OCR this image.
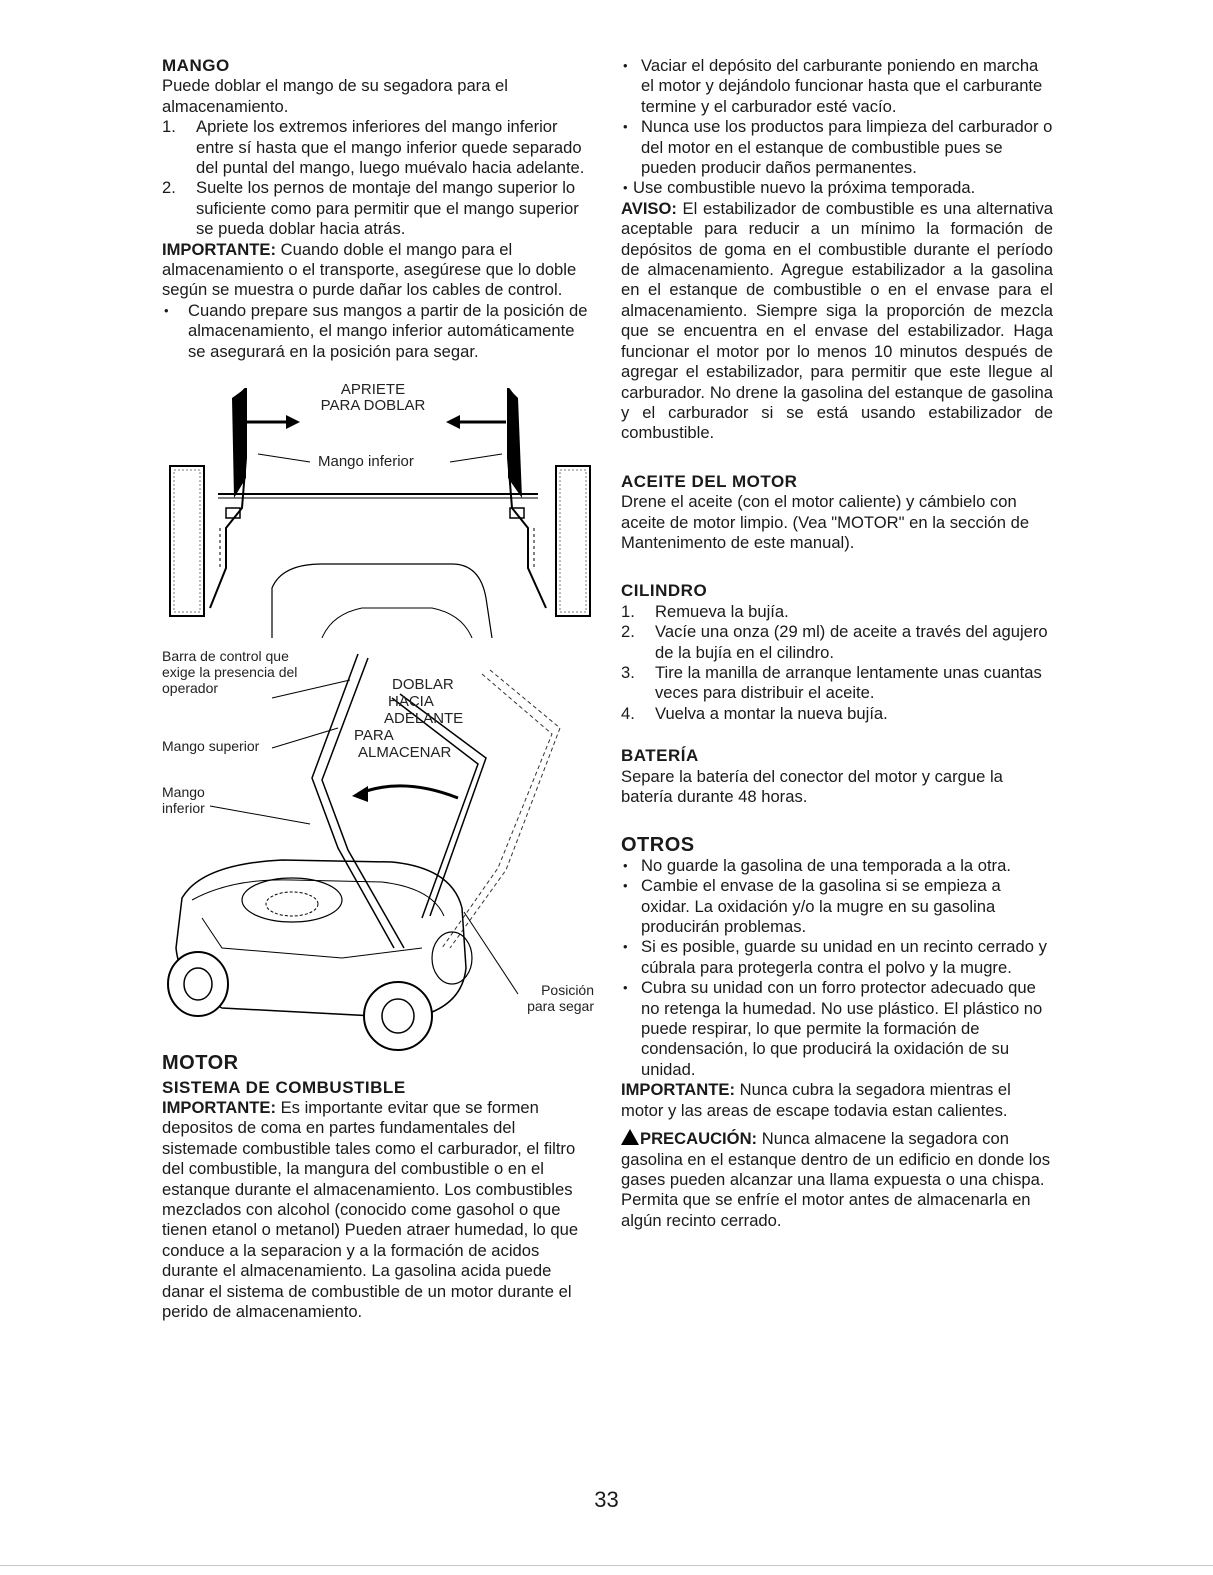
MANGO

Puede doblar el mango de su segadora para el almacenamiento.

1. Apriete los extremos inferiores del mango inferior entre sí hasta que el mango inferior quede separado del puntal del mango, luego muévalo hacia adelante.
2. Suelte los pernos de montaje del mango superior lo suficiente como para permitir que el mango superior se pueda doblar hacia atrás.

IMPORTANTE: Cuando doble el mango para el almacenamiento o el transporte, asegúrese que lo doble según se muestra o purde dañar los cables de control.

• Cuando prepare sus mangos a partir de la posición de almacenamiento, el mango inferior automáticamente se asegurará en la posición para segar.
APRIETE
PARA DOBLAR
Mango inferior
Barra de control que
exige la presencia del
operador
Mango superior
Mango
inferior
DOBLAR
HACIA
ADELANTE
PARA
ALMACENAR
Posición
para segar
MOTOR
SISTEMA DE COMBUSTIBLE

IMPORTANTE: Es importante evitar que se formen depositos de coma en partes fundamentales del sistemade combustible tales como el carburador, el filtro del combustible, la mangura del combustible o en el estanque durante el almacenamiento. Los combustibles mezclados con alcohol (conocido come gasohol o que tienen etanol o metanol) Pueden atraer humedad, lo que conduce a la separacion y a la formación de acidos durante el almacenamiento. La gasolina acida puede danar el sistema de combustible de un motor durante el perido de almacenamiento.

• Vaciar el depósito del carburante poniendo en marcha el motor y dejándolo funcionar hasta que el carburante termine y el carburador esté vacío.
• Nunca use los productos para limpieza del carburador o del motor en el estanque de combustible pues se pueden producir daños permanentes.
• Use combustible nuevo la próxima temporada.

AVISO: El estabilizador de combustible es una alternativa aceptable para reducir a un mínimo la formación de depósitos de goma en el combustible durante el período de almacenamiento. Agregue estabilizador a la gasolina en el estanque de combustible o en el envase para el almacenamiento. Siempre siga la proporción de mezcla que se encuentra en el envase del estabilizador. Haga funcionar el motor por lo menos 10 minutos después de agregar el estabilizador, para permitir que este llegue al carburador. No drene la gasolina del estanque de gasolina y el carburador si se está usando estabilizador de combustible.

ACEITE DEL MOTOR

Drene el aceite (con el motor caliente) y cámbielo con aceite de motor limpio. (Vea "MOTOR" en la sección de Mantenimento de este manual).

CILINDRO
1. Remueva la bujía.
2. Vacíe una onza (29 ml) de aceite a través del agujero de la bujía en el cilindro.
3. Tire la manilla de arranque lentamente unas cuantas veces para distribuir el aceite.
4. Vuelva a montar la nueva bujía.
BATERÍA

Separe la batería del conector del motor y cargue la batería durante 48 horas.

OTROS
• No guarde la gasolina de una temporada a la otra.
• Cambie el envase de la gasolina si se empieza a oxidar. La oxidación y/o la mugre en su gasolina producirán problemas.
• Si es posible, guarde su unidad en un recinto cerrado y cúbrala para protegerla contra el polvo y la mugre.
• Cubra su unidad con un forro protector adecuado que no retenga la humedad. No use plástico. El plástico no puede respirar, lo que permite la formación de condensación, lo que producirá la oxidación de su unidad.

IMPORTANTE: Nunca cubra la segadora mientras el motor y las areas de escape todavia estan calientes.

PRECAUCIÓN: Nunca almacene la segadora con gasolina en el estanque dentro de un edificio en donde los gases pueden alcanzar una llama expuesta o una chispa. Permita que se enfríe el motor antes de almacenarla en algún recinto cerrado.

33
